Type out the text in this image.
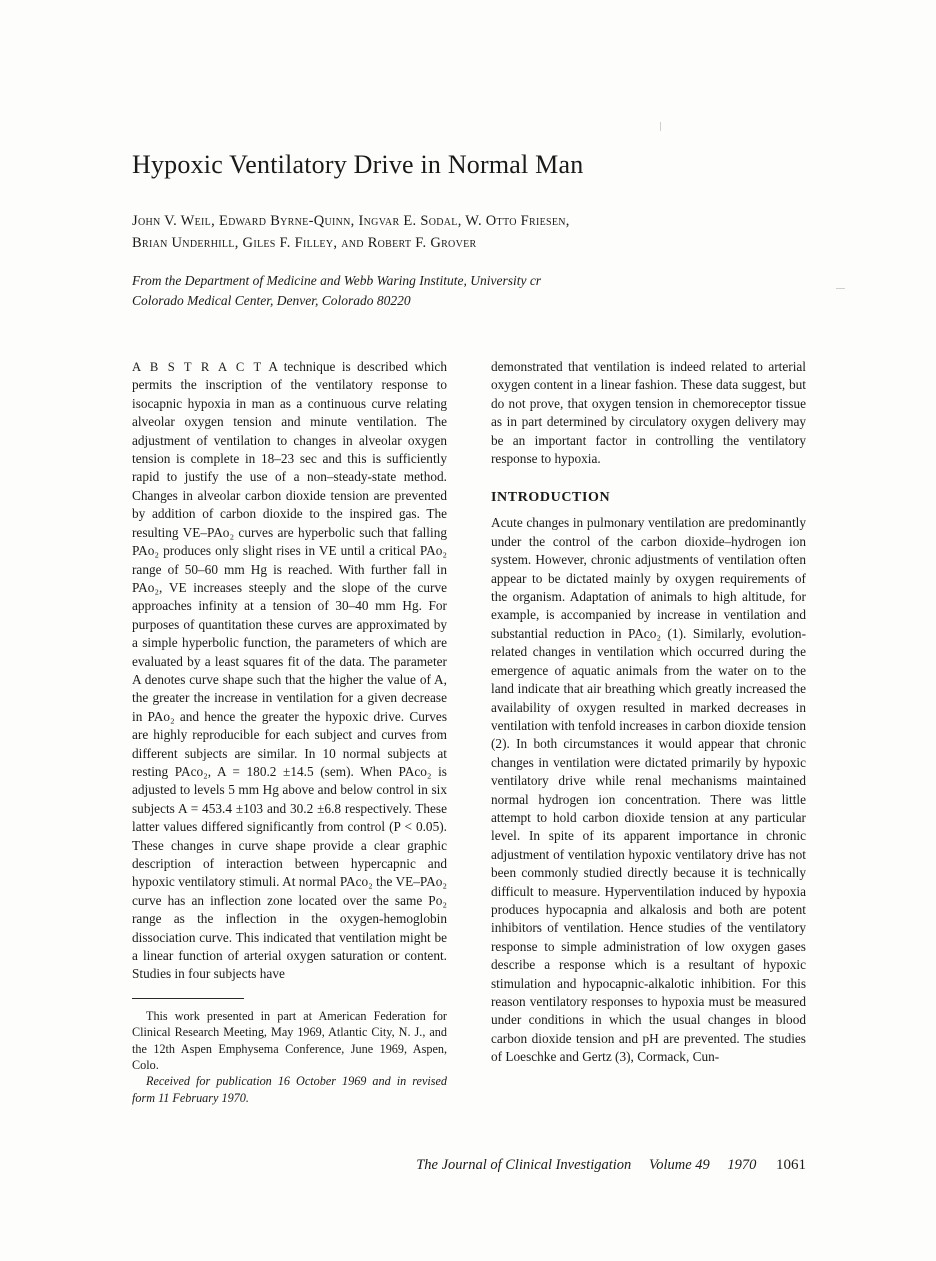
Hypoxic Ventilatory Drive in Normal Man
John V. Weil, Edward Byrne-Quinn, Ingvar E. Sodal, W. Otto Friesen,
Brian Underhill, Giles F. Filley, and Robert F. Grover
From the Department of Medicine and Webb Waring Institute, University cr
Colorado Medical Center, Denver, Colorado 80220

A B S T R A C T A technique is described which permits the inscription of the ventilatory response to isocapnic hypoxia in man as a continuous curve relating alveolar oxygen tension and minute ventilation. The adjustment of ventilation to changes in alveolar oxygen tension is complete in 18–23 sec and this is sufficiently rapid to justify the use of a non–steady-state method. Changes in alveolar carbon dioxide tension are prevented by addition of carbon dioxide to the inspired gas. The resulting VE–PAo₂ curves are hyperbolic such that falling PAo₂ produces only slight rises in VE until a critical PAo₂ range of 50–60 mm Hg is reached. With further fall in PAo₂, VE increases steeply and the slope of the curve approaches infinity at a tension of 30–40 mm Hg. For purposes of quantitation these curves are approximated by a simple hyperbolic function, the parameters of which are evaluated by a least squares fit of the data. The parameter A denotes curve shape such that the higher the value of A, the greater the increase in ventilation for a given decrease in PAo₂ and hence the greater the hypoxic drive. Curves are highly reproducible for each subject and curves from different subjects are similar. In 10 normal subjects at resting PAco₂, A = 180.2 ±14.5 (sem). When PAco₂ is adjusted to levels 5 mm Hg above and below control in six subjects A = 453.4 ±103 and 30.2 ±6.8 respectively. These latter values differed significantly from control (P < 0.05). These changes in curve shape provide a clear graphic description of interaction between hypercapnic and hypoxic ventilatory stimuli. At normal PAco₂ the VE–PAo₂ curve has an inflection zone located over the same Po₂ range as the inflection in the oxygen-hemoglobin dissociation curve. This indicated that ventilation might be a linear function of arterial oxygen saturation or content. Studies in four subjects have

This work presented in part at American Federation for Clinical Research Meeting, May 1969, Atlantic City, N. J., and the 12th Aspen Emphysema Conference, June 1969, Aspen, Colo.
Received for publication 16 October 1969 and in revised form 11 February 1970.

demonstrated that ventilation is indeed related to arterial oxygen content in a linear fashion. These data suggest, but do not prove, that oxygen tension in chemoreceptor tissue as in part determined by circulatory oxygen delivery may be an important factor in controlling the ventilatory response to hypoxia.

INTRODUCTION

Acute changes in pulmonary ventilation are predominantly under the control of the carbon dioxide–hydrogen ion system. However, chronic adjustments of ventilation often appear to be dictated mainly by oxygen requirements of the organism. Adaptation of animals to high altitude, for example, is accompanied by increase in ventilation and substantial reduction in PAco₂ (1). Similarly, evolution-related changes in ventilation which occurred during the emergence of aquatic animals from the water on to the land indicate that air breathing which greatly increased the availability of oxygen resulted in marked decreases in ventilation with tenfold increases in carbon dioxide tension (2). In both circumstances it would appear that chronic changes in ventilation were dictated primarily by hypoxic ventilatory drive while renal mechanisms maintained normal hydrogen ion concentration. There was little attempt to hold carbon dioxide tension at any particular level. In spite of its apparent importance in chronic adjustment of ventilation hypoxic ventilatory drive has not been commonly studied directly because it is technically difficult to measure. Hyperventilation induced by hypoxia produces hypocapnia and alkalosis and both are potent inhibitors of ventilation. Hence studies of the ventilatory response to simple administration of low oxygen gases describe a response which is a resultant of hypoxic stimulation and hypocapnic-alkalotic inhibition. For this reason ventilatory responses to hypoxia must be measured under conditions in which the usual changes in blood carbon dioxide tension and pH are prevented. The studies of Loeschke and Gertz (3), Cormack, Cun-

The Journal of Clinical Investigation Volume 49 1970 1061
